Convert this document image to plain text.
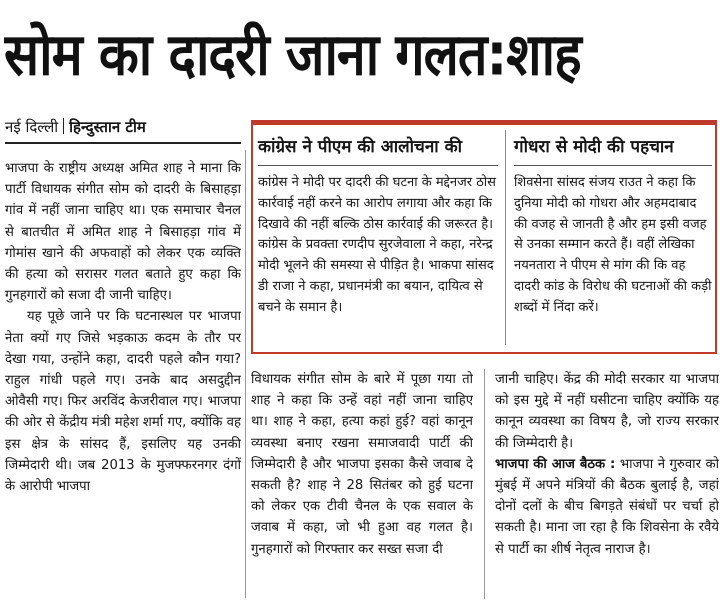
सोम का दादरी जाना गलत:शाह
नई दिल्ली हिन्दुस्तान टीम

भाजपा के राष्ट्रीय अध्यक्ष अमित शाह ने माना कि पार्टी विधायक संगीत सोम को दादरी के बिसाहड़ा गांव में नहीं जाना चाहिए था। एक समाचार चैनल से बातचीत में अमित शाह ने बिसाहड़ा गांव में गोमांस खाने की अफवाहों को लेकर एक व्यक्ति की हत्या को सरासर गलत बताते हुए कहा कि गुनहगारों को सजा दी जानी चाहिए।

यह पूछे जाने पर कि घटनास्थल पर भाजपा नेता क्यों गए जिसे भड़काऊ कदम के तौर पर देखा गया, उन्होंने कहा, दादरी पहले कौन गया? राहुल गांधी पहले गए। उनके बाद असदुद्दीन ओवैसी गए। फिर अरविंद केजरीवाल गए। भाजपा की ओर से केंद्रीय मंत्री महेश शर्मा गए, क्योंकि वह इस क्षेत्र के सांसद हैं, इसलिए यह उनकी जिम्मेदारी थी। जब 2013 के मुजफ्फरनगर दंगों के आरोपी भाजपा

कांग्रेस ने पीएम की आलोचना की
कांग्रेस ने मोदी पर दादरी की घटना के मद्देनजर ठोस कार्रवाई नहीं करने का आरोप लगाया और कहा कि दिखावे की नहीं बल्कि ठोस कार्रवाई की जरूरत है। कांग्रेस के प्रवक्ता रणदीप सुरजेवाला ने कहा, नरेन्द्र मोदी भूलने की समस्या से पीड़ित है। भाकपा सांसद डी राजा ने कहा, प्रधानमंत्री का बयान, दायित्व से बचने के समान है।
गोधरा से मोदी की पहचान
शिवसेना सांसद संजय राउत ने कहा कि दुनिया मोदी को गोधरा और अहमदाबाद की वजह से जानती है और हम इसी वजह से उनका सम्मान करते हैं। वहीं लेखिका नयनतारा ने पीएम से मांग की कि वह दादरी कांड के विरोध की घटनाओं की कड़ी शब्दों में निंदा करें।

विधायक संगीत सोम के बारे में पूछा गया तो शाह ने कहा कि उन्हें वहां नहीं जाना चाहिए था। शाह ने कहा, हत्या कहां हुई? वहां कानून व्यवस्था बनाए रखना समाजवादी पार्टी की जिम्मेदारी है और भाजपा इसका कैसे जवाब दे सकती है? शाह ने 28 सितंबर को हुई घटना को लेकर एक टीवी चैनल के एक सवाल के जवाब में कहा, जो भी हुआ वह गलत है। गुनहगारों को गिरफ्तार कर सख्त सजा दी

जानी चाहिए। केंद्र की मोदी सरकार या भाजपा को इस मुद्दे में नहीं घसीटना चाहिए क्योंकि यह कानून व्यवस्था का विषय है, जो राज्य सरकार की जिम्मेदारी है।

भाजपा की आज बैठक : भाजपा ने गुरुवार को मुंबई में अपने मंत्रियों की बैठक बुलाई है, जहां दोनों दलों के बीच बिगड़ते संबंधों पर चर्चा हो सकती है। माना जा रहा है कि शिवसेना के रवैये से पार्टी का शीर्ष नेतृत्व नाराज है।
